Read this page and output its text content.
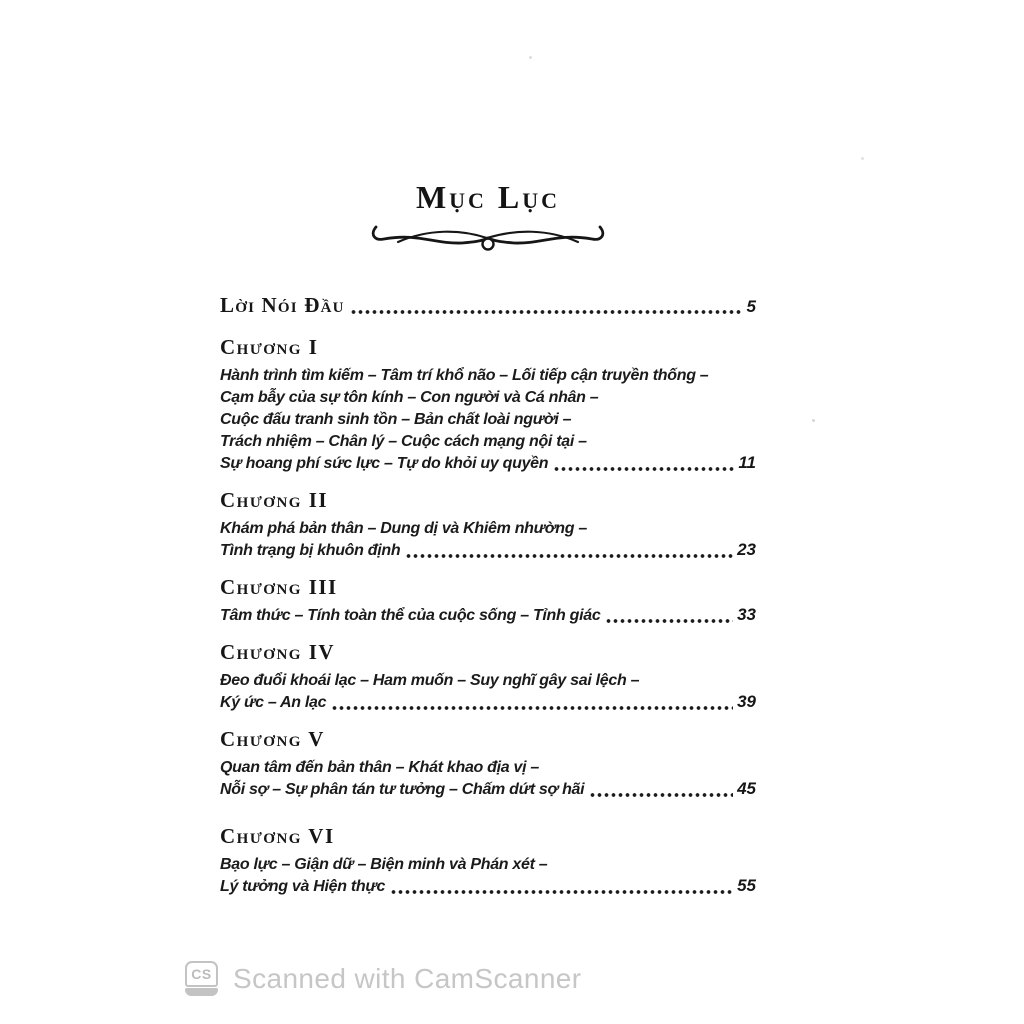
Mục Lục
Lời Nói Đầu	5
Chương I
Hành trình tìm kiếm – Tâm trí khổ não – Lối tiếp cận truyền thống –
Cạm bẫy của sự tôn kính – Con người và Cá nhân –
Cuộc đấu tranh sinh tồn – Bản chất loài người –
Trách nhiệm – Chân lý – Cuộc cách mạng nội tại –
Sự hoang phí sức lực – Tự do khỏi uy quyền	11
Chương II
Khám phá bản thân – Dung dị và Khiêm nhường –
Tình trạng bị khuôn định	23
Chương III
Tâm thức – Tính toàn thể của cuộc sống – Tỉnh giác	33
Chương IV
Đeo đuổi khoái lạc – Ham muốn – Suy nghĩ gây sai lệch –
Ký ức – An lạc	39
Chương V
Quan tâm đến bản thân – Khát khao địa vị –
Nỗi sợ – Sự phân tán tư tưởng – Chấm dứt sợ hãi	45
Chương VI
Bạo lực – Giận dữ – Biện minh và Phán xét –
Lý tưởng và Hiện thực	55
CS Scanned with CamScanner
